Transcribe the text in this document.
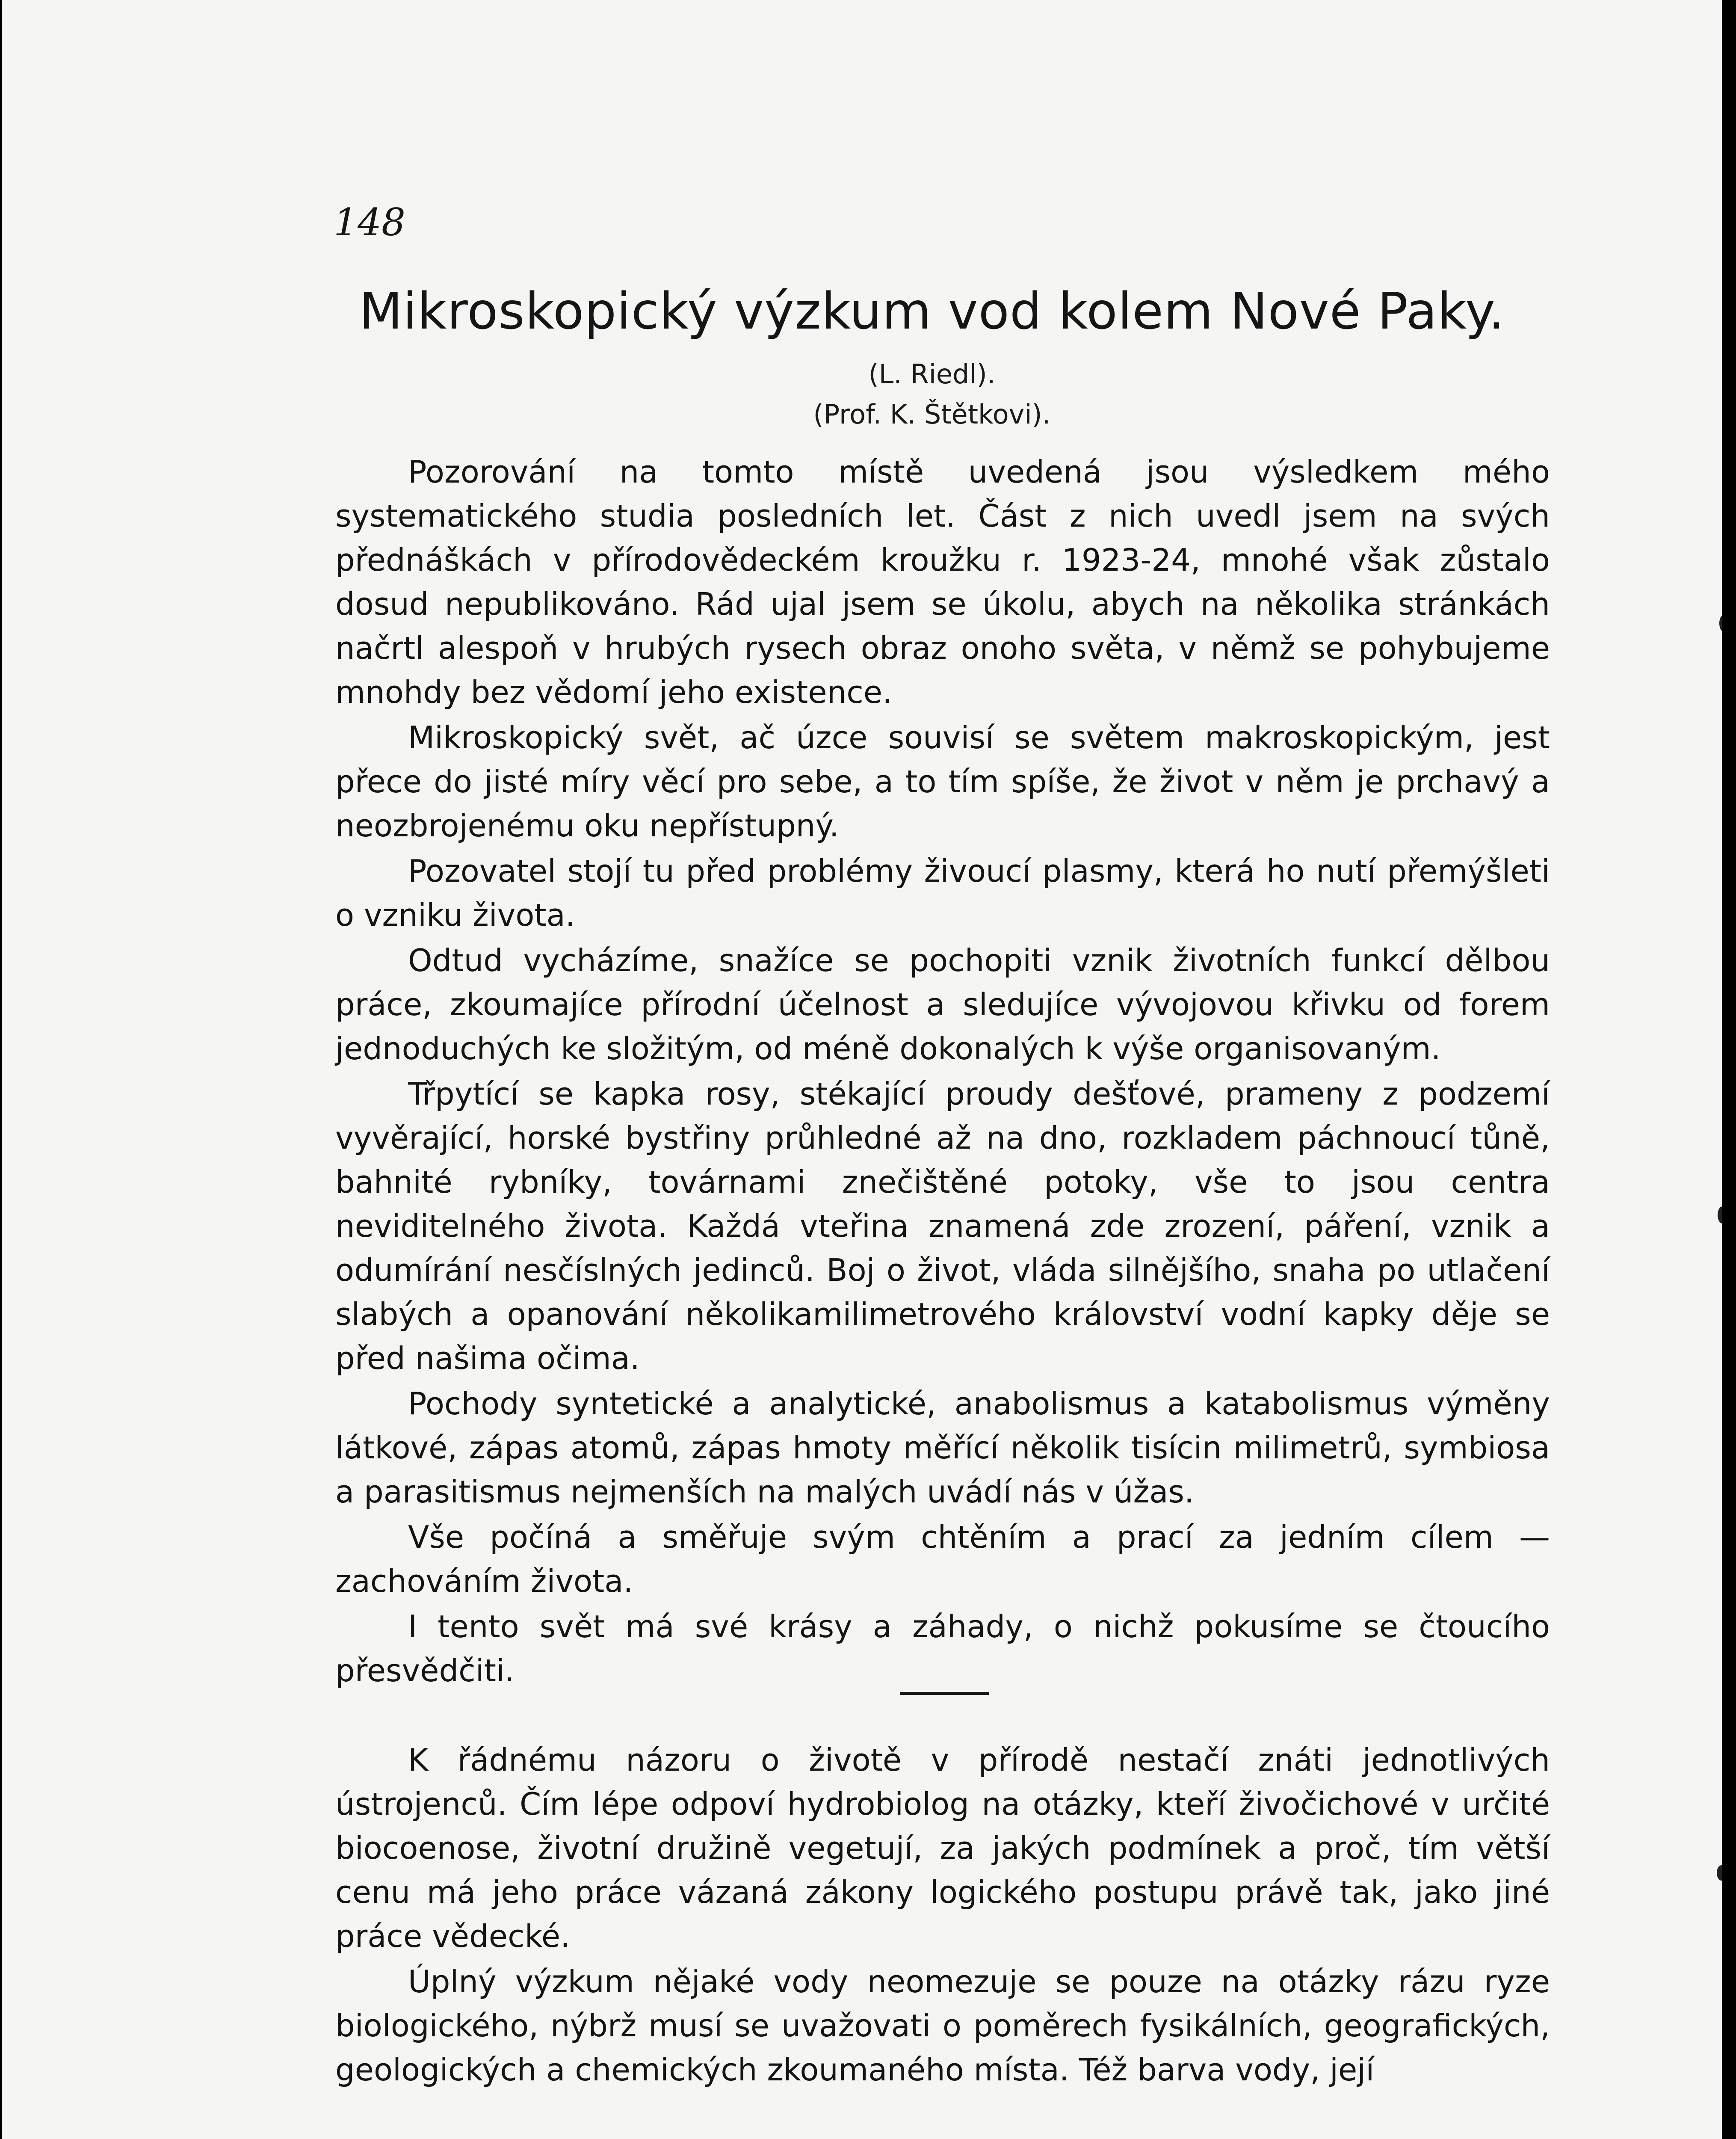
148

Mikroskopický výzkum vod kolem Nové Paky.

(L. Riedl).

(Prof. K. Štětkovi).

Pozorování na tomto místě uvedená jsou výsledkem mého systematického studia posledních let. Část z nich uvedl jsem na svých přednáškách v přírodovědeckém kroužku r. 1923-24, mnohé však zůstalo dosud nepublikováno. Rád ujal jsem se úkolu, abych na několika stránkách načrtl alespoň v hrubých rysech obraz onoho světa, v němž se pohybujeme mnohdy bez vědomí jeho existence.

Mikroskopický svět, ač úzce souvisí se světem makroskopickým, jest přece do jisté míry věcí pro sebe, a to tím spíše, že život v něm je prchavý a neozbrojenému oku nepřístupný.

Pozovatel stojí tu před problémy živoucí plasmy, která ho nutí přemýšleti o vzniku života.

Odtud vycházíme, snažíce se pochopiti vznik životních funkcí dělbou práce, zkoumajíce přírodní účelnost a sledujíce vývojovou křivku od forem jednoduchých ke složitým, od méně dokonalých k výše organisovaným.

Třpytící se kapka rosy, stékající proudy dešťové, prameny z podzemí vyvěrající, horské bystřiny průhledné až na dno, rozkladem páchnoucí tůně, bahnité rybníky, továrnami znečištěné potoky, vše to jsou centra neviditelného života. Každá vteřina znamená zde zrození, páření, vznik a odumírání nesčíslných jedinců. Boj o život, vláda silnějšího, snaha po utlačení slabých a opanování několikamilimetrového království vodní kapky děje se před našima očima.

Pochody syntetické a analytické, anabolismus a katabolismus výměny látkové, zápas atomů, zápas hmoty měřící několik tisícin milimetrů, symbiosa a parasitismus nejmenších na malých uvádí nás v úžas.

Vše počíná a směřuje svým chtěním a prací za jedním cílem — zachováním života.

I tento svět má své krásy a záhady, o nichž pokusíme se čtoucího přesvědčiti.

K řádnému názoru o životě v přírodě nestačí znáti jednotlivých ústrojenců. Čím lépe odpoví hydrobiolog na otázky, kteří živočichové v určité biocoenose, životní družině vegetují, za jakých podmínek a proč, tím větší cenu má jeho práce vázaná zákony logického postupu právě tak, jako jiné práce vědecké.

Úplný výzkum nějaké vody neomezuje se pouze na otázky rázu ryze biologického, nýbrž musí se uvažovati o poměrech fysikálních, geografických, geologických a chemických zkoumaného místa. Též barva vody, její
